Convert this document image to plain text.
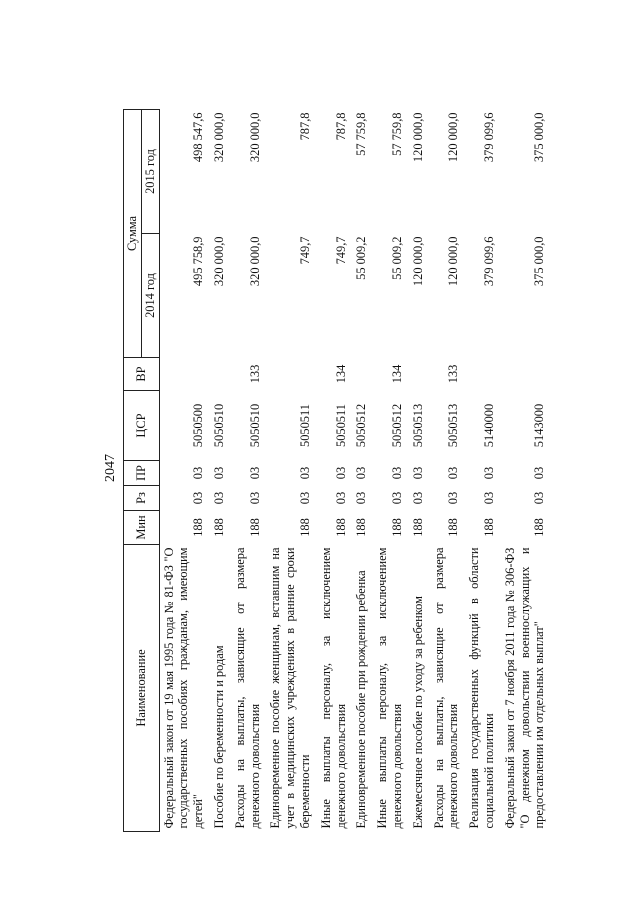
2047
Наименование	Мин	Рз	ПР	ЦСР	ВР	Сумма	
						2014 год	2015 год
Федеральный закон от 19 мая 1995 года № 81-ФЗ "О государственных пособиях гражданам, имеющим детей"	188	03	03	5050500		495 758,9	498 547,6
Пособие по беременности и родам	188	03	03	5050510		320 000,0	320 000,0
Расходы на выплаты, зависящие от размера денежного довольствия	188	03	03	5050510	133	320 000,0	320 000,0
Единовременное пособие женщинам, вставшим на учет в медицинских учреждениях в ранние сроки беременности	188	03	03	5050511		749,7	787,8
Иные выплаты персоналу, за исключением денежного довольствия	188	03	03	5050511	134	749,7	787,8
Единовременное пособие при рождении ребенка	188	03	03	5050512		55 009,2	57 759,8
Иные выплаты персоналу, за исключением денежного довольствия	188	03	03	5050512	134	55 009,2	57 759,8
Ежемесячное пособие по уходу за ребенком	188	03	03	5050513		120 000,0	120 000,0
Расходы на выплаты, зависящие от размера денежного довольствия	188	03	03	5050513	133	120 000,0	120 000,0
Реализация государственных функций в области социальной политики	188	03	03	5140000		379 099,6	379 099,6
Федеральный закон от 7 ноября 2011 года № 306-ФЗ "О денежном довольствии военнослужащих и предоставлении им отдельных выплат"	188	03	03	5143000		375 000,0	375 000,0
